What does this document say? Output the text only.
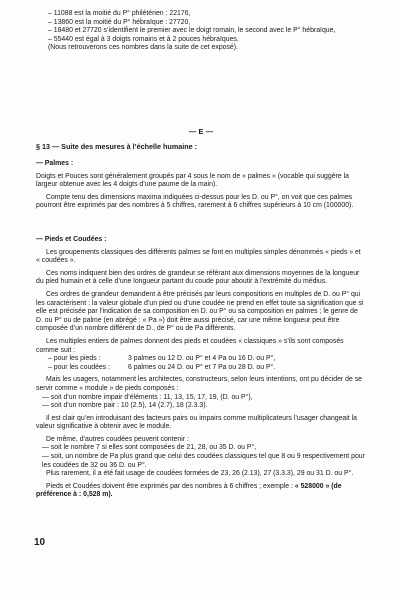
– 11088 est la moitié du P° philétérien : 22176,

– 13860 est la moitié du P° hébraïque : 27720,

– 18480 et 27720 s’identifient le premier avec le doigt romain, le second avec le P° hébraïque,

– 55440 est égal à 3 doigts romains et à 2 pouces hébraïques.

(Nous retrouverons ces nombres dans la suite de cet exposé).

— E —
§ 13 — Suite des mesures à l’échelle humaine :

— Palmes :

Doigts et Pouces sont généralement groupés par 4 sous le nom de « palmes » (vocable qui suggère la largeur obtenue avec les 4 doigts d’une paume de la main).

Compte tenu des dimensions maxima indiquées ci-dessus pour les D. ou P°, on voit que ces palmes pourront être exprimés par des nombres à 5 chiffres, rarement à 6 chiffres supérieurs à 10 cm (100000).

— Pieds et Coudées :

Les groupements classiques des différents palmes se font en multiples simples dénommés « pieds » et « coudées ».

Ces noms indiquent bien des ordres de grandeur se référant aux dimensions moyennes de la longueur du pied humain et à celle d’une longueur partant du coude pour aboutir à l’extrémité du médius.

Ces ordres de grandeur demandent à être précisés par leurs compositions en multiples de D. ou P° qui les caractérisent : la valeur globale d’un pied ou d’une coudée ne prend en effet toute sa signification que si elle est précisée par l’indication de sa composition en D. ou P° ou sa composition en palmes ; le genre de D. ou P° ou de palme (en abrégé : « Pa ») doit être aussi précisé, car une même longueur peut être composée d’un nombre différent de D., de P° ou de Pa différents.

Les multiples entiers de palmes donnent des pieds et coudées « classiques » s’ils sont composés comme suit :

– pour les pieds :	3 palmes ou 12 D. ou P° et 4 Pa ou 16 D. ou P°,
– pour les coudées :	6 palmes ou 24 D. ou P° et 7 Pa ou 28 D. ou P°.

Mais les usagers, notamment les architectes, constructeurs, selon leurs intentions, ont pu décider de se servir comme « module » de pieds composés :

— soit d’un nombre impair d’éléments : 11, 13, 15, 17, 19, (D. ou P°),

— soit d’un nombre pair : 10 (2.5), 14 (2.7), 18 (2.3.3).

Il est clair qu’en introduisant des facteurs pairs ou impairs comme multiplicateurs l’usager changeait la valeur significative à obtenir avec le module.

De même, d’autres coudées peuvent contenir :

— soit le nombre 7 si elles sont composées de 21, 28, ou 35 D. ou P°,

— soit, un nombre de Pa plus grand que celui des coudées classiques tel que 8 ou 9 respectivement pour les coudées de 32 ou 36 D. ou P°.

Plus rarement, il a été fait usage de coudées formées de 23, 26 (2.13), 27 (3.3.3), 29 ou 31 D. ou P°.

Pieds et Coudées doivent être exprimés par des nombres à 6 chiffres ; exemple : « 528000 » (de préférence à : 0,528 m).

10
